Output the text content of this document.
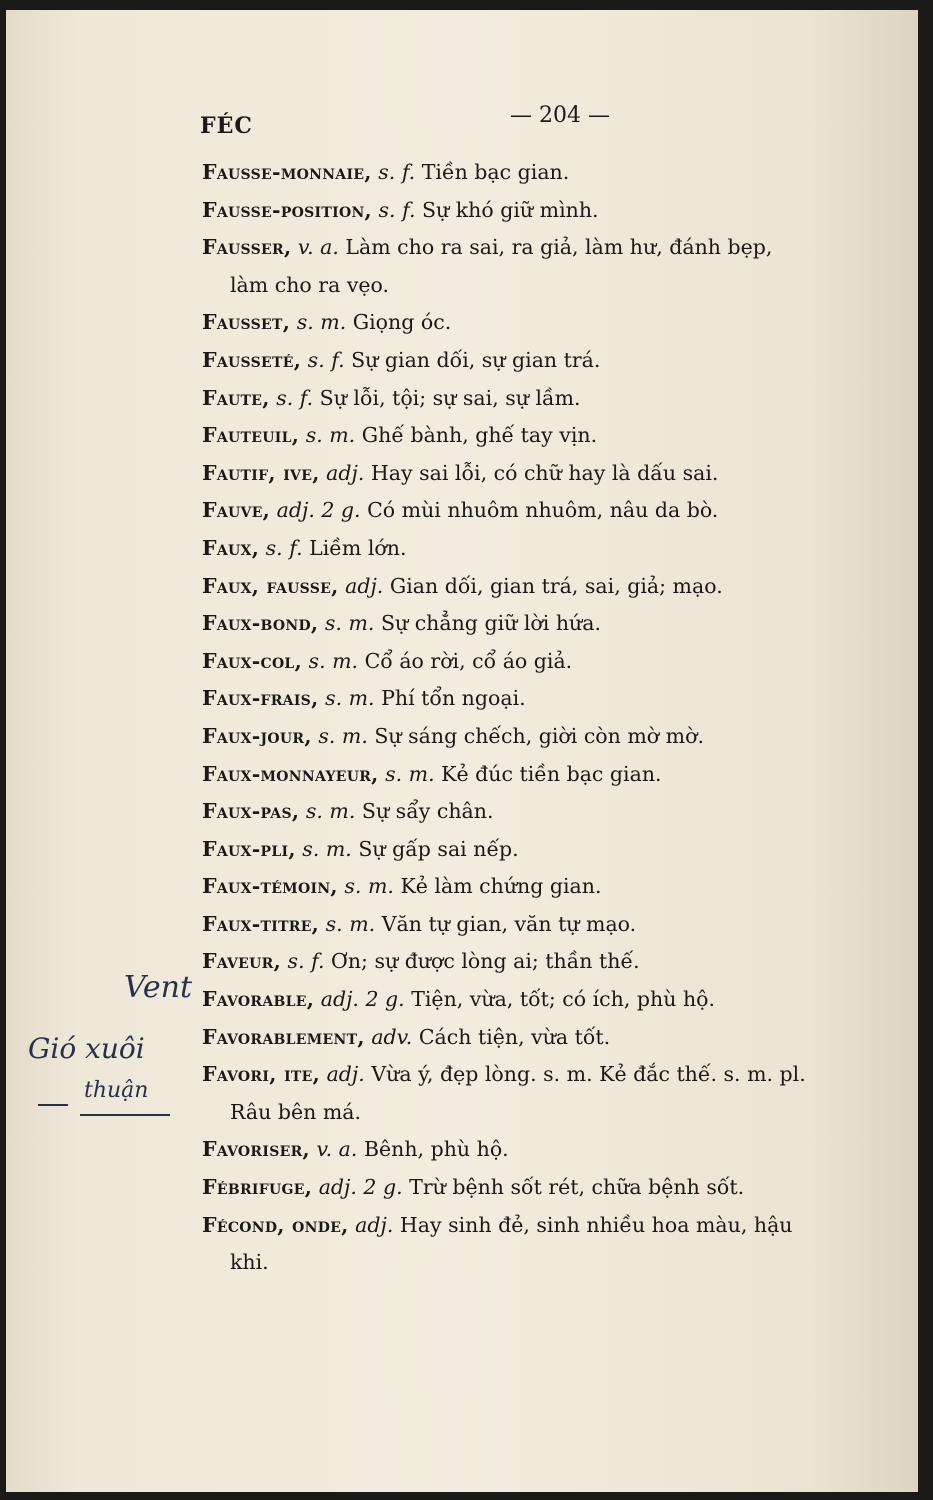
FÉC	— 204 —
Fausse-monnaie, s. f. Tiền bạc gian.
Fausse-position, s. f. Sự khó giữ mình.
Fausser, v. a. Làm cho ra sai, ra giả, làm hư, đánh bẹp,
làm cho ra vẹo.
Fausset, s. m. Giọng óc.
Fausseté, s. f. Sự gian dối, sự gian trá.
Faute, s. f. Sự lỗi, tội; sự sai, sự lầm.
Fauteuil, s. m. Ghế bành, ghế tay vịn.
Fautif, ive, adj. Hay sai lỗi, có chữ hay là dấu sai.
Fauve, adj. 2 g. Có mùi nhuôm nhuôm, nâu da bò.
Faux, s. f. Liềm lớn.
Faux, fausse, adj. Gian dối, gian trá, sai, giả; mạo.
Faux-bond, s. m. Sự chẳng giữ lời hứa.
Faux-col, s. m. Cổ áo rời, cổ áo giả.
Faux-frais, s. m. Phí tổn ngoại.
Faux-jour, s. m. Sự sáng chếch, giời còn mờ mờ.
Faux-monnayeur, s. m. Kẻ đúc tiền bạc gian.
Faux-pas, s. m. Sự sẩy chân.
Faux-pli, s. m. Sự gấp sai nếp.
Faux-témoin, s. m. Kẻ làm chứng gian.
Faux-titre, s. m. Văn tự gian, văn tự mạo.
Faveur, s. f. Ơn; sự được lòng ai; thần thế.
Favorable, adj. 2 g. Tiện, vừa, tốt; có ích, phù hộ.
Favorablement, adv. Cách tiện, vừa tốt.
Favori, ite, adj. Vừa ý, đẹp lòng. s. m. Kẻ đắc thế. s. m. pl.
Râu bên má.
Favoriser, v. a. Bênh, phù hộ.
Fébrifuge, adj. 2 g. Trừ bệnh sốt rét, chữa bệnh sốt.
Fécond, onde, adj. Hay sinh đẻ, sinh nhiều hoa màu, hậu
khi.
Vent
Gió xuôi
thuận
